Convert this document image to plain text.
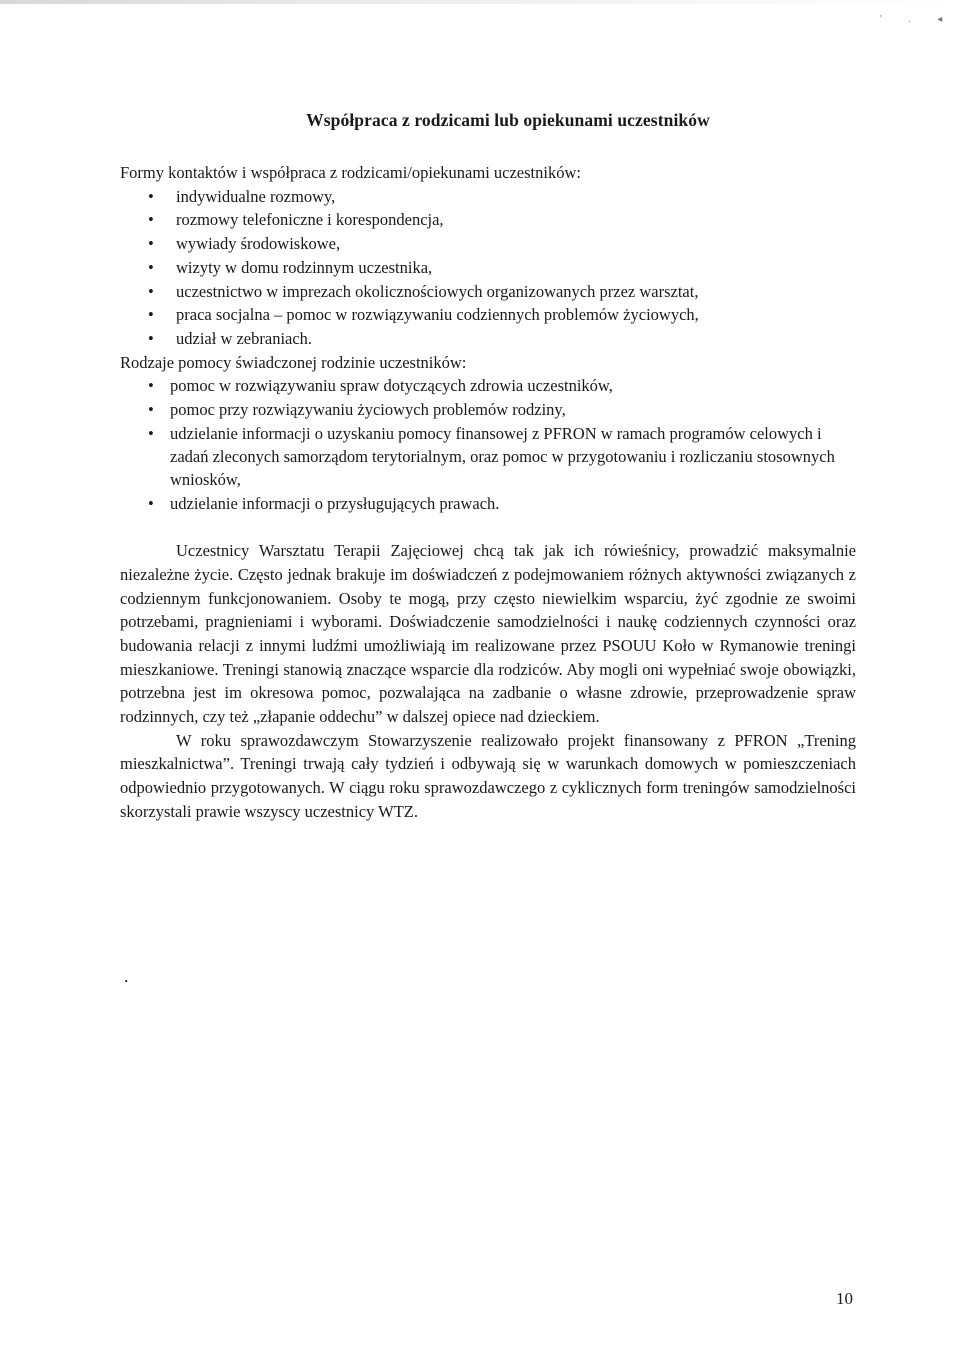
' . ◂
Współpraca z rodzicami lub opiekunami uczestników

Formy kontaktów i współpraca z rodzicami/opiekunami uczestników:

• indywidualne rozmowy,
• rozmowy telefoniczne i korespondencja,
• wywiady środowiskowe,
• wizyty w domu rodzinnym uczestnika,
• uczestnictwo w imprezach okolicznościowych organizowanych przez warsztat,
• praca socjalna – pomoc w rozwiązywaniu codziennych problemów życiowych,
• udział w zebraniach.

Rodzaje pomocy świadczonej rodzinie uczestników:

• pomoc w rozwiązywaniu spraw dotyczących zdrowia uczestników,
• pomoc przy rozwiązywaniu życiowych problemów rodziny,
• udzielanie informacji o uzyskaniu pomocy finansowej z PFRON w ramach programów celowych i zadań zleconych samorządom terytorialnym, oraz pomoc w przygotowaniu i rozliczaniu stosownych wniosków,
• udzielanie informacji o przysługujących prawach.

Uczestnicy Warsztatu Terapii Zajęciowej chcą tak jak ich rówieśnicy, prowadzić maksymalnie niezależne życie. Często jednak brakuje im doświadczeń z podejmowaniem różnych aktywności związanych z codziennym funkcjonowaniem. Osoby te mogą, przy często niewielkim wsparciu, żyć zgodnie ze swoimi potrzebami, pragnieniami i wyborami. Doświadczenie samodzielności i naukę codziennych czynności oraz budowania relacji z innymi ludźmi umożliwiają im realizowane przez PSOUU Koło w Rymanowie treningi mieszkaniowe. Treningi stanowią znaczące wsparcie dla rodziców. Aby mogli oni wypełniać swoje obowiązki, potrzebna jest im okresowa pomoc, pozwalająca na zadbanie o własne zdrowie, przeprowadzenie spraw rodzinnych, czy też „złapanie oddechu” w dalszej opiece nad dzieckiem.

W roku sprawozdawczym Stowarzyszenie realizowało projekt finansowany z PFRON „Trening mieszkalnictwa”. Treningi trwają cały tydzień i odbywają się w warunkach domowych w pomieszczeniach odpowiednio przygotowanych. W ciągu roku sprawozdawczego z cyklicznych form treningów samodzielności skorzystali prawie wszyscy uczestnicy WTZ.

.
10
